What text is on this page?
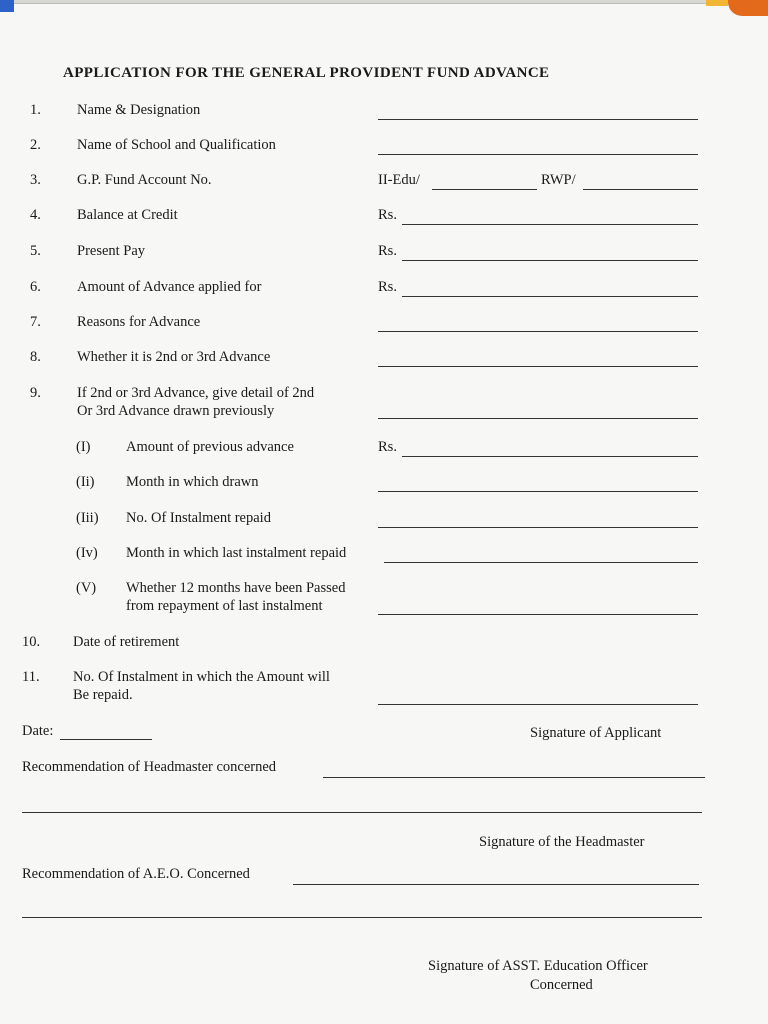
APPLICATION FOR THE GENERAL PROVIDENT FUND ADVANCE
1. Name & Designation
2. Name of School and Qualification
3. G.P. Fund Account No.	II-Edu/	RWP/
4. Balance at Credit	Rs.
5. Present Pay	Rs.
6. Amount of Advance applied for	Rs.
7. Reasons for Advance
8. Whether it is 2nd or 3rd Advance
9. If 2nd or 3rd Advance, give detail of 2nd
Or 3rd Advance drawn previously
(I) Amount of previous advance	Rs.
(Ii) Month in which drawn
(Iii) No. Of Instalment repaid
(Iv) Month in which last instalment repaid
(V) Whether 12 months have been Passed
from repayment of last instalment
10. Date of retirement
11. No. Of Instalment in which the Amount will
Be repaid.
Date:	Signature of Applicant
Recommendation of Headmaster concerned
Signature of the Headmaster
Recommendation of A.E.O. Concerned
Signature of ASST. Education Officer
Concerned
